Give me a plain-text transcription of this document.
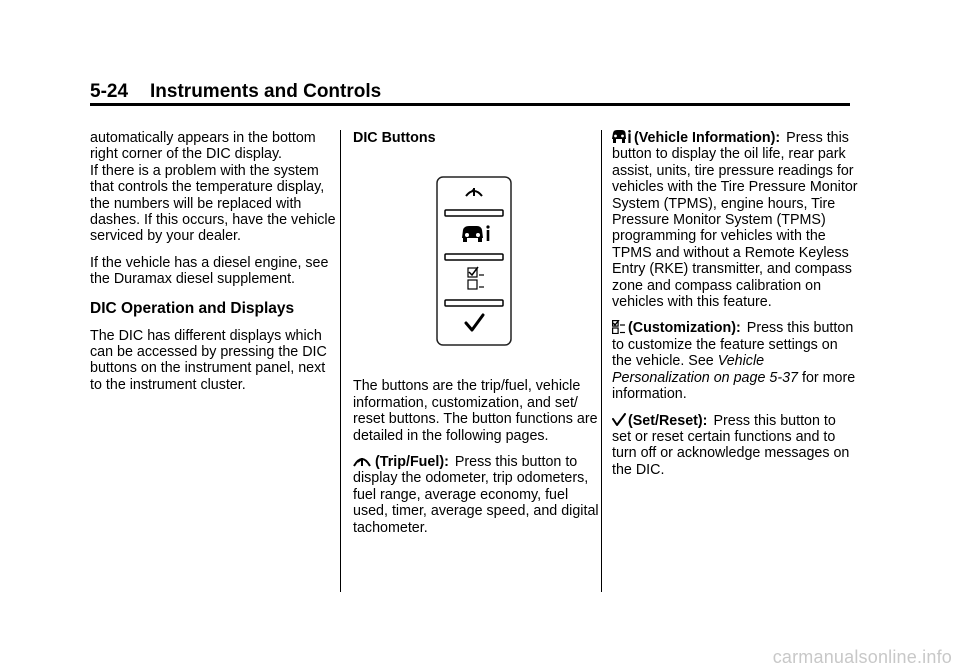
5-24 Instruments and Controls

automatically appears in the bottom right corner of the DIC display.

If there is a problem with the system that controls the temperature display, the numbers will be replaced with dashes. If this occurs, have the vehicle serviced by your dealer.

If the vehicle has a diesel engine, see the Duramax diesel supplement.

DIC Operation and Displays

The DIC has different displays which can be accessed by pressing the DIC buttons on the instrument panel, next to the instrument cluster.

DIC Buttons

The buttons are the trip/fuel, vehicle information, customization, and set/ reset buttons. The button functions are detailed in the following pages.

(Trip/Fuel): Press this button to display the odometer, trip odometers, fuel range, average economy, fuel used, timer, average speed, and digital tachometer.

(Vehicle Information): Press this button to display the oil life, rear park assist, units, tire pressure readings for vehicles with the Tire Pressure Monitor System (TPMS), engine hours, Tire Pressure Monitor System (TPMS) programming for vehicles with the TPMS and without a Remote Keyless Entry (RKE) transmitter, and compass zone and compass calibration on vehicles with this feature.

(Customization): Press this button to customize the feature settings on the vehicle. See Vehicle Personalization on page 5-37 for more information.

(Set/Reset): Press this button to set or reset certain functions and to turn off or acknowledge messages on the DIC.

carmanualsonline.info
